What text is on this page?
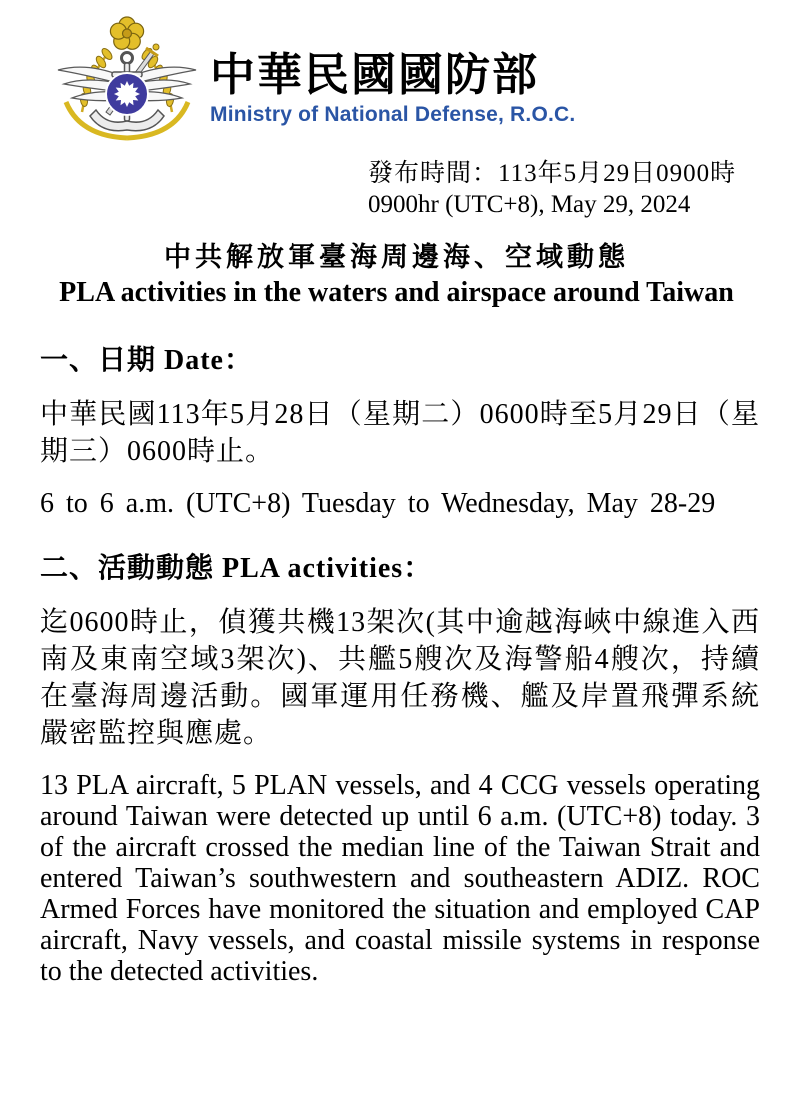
中華民國國防部
Ministry of National Defense, R.O.C.
發布時間：113年5月29日0900時
0900hr (UTC+8), May 29, 2024
中共解放軍臺海周邊海、空域動態
PLA activities in the waters and airspace around Taiwan
一、日期 Date：
中華民國113年5月28日（星期二）0600時至5月29日（星期三）0600時止。
6 to 6 a.m. (UTC+8) Tuesday to Wednesday, May 28-29
二、活動動態 PLA activities：
迄0600時止，偵獲共機13架次(其中逾越海峽中線進入西南及東南空域3架次)、共艦5艘次及海警船4艘次，持續在臺海周邊活動。國軍運用任務機、艦及岸置飛彈系統嚴密監控與應處。
13 PLA aircraft, 5 PLAN vessels, and 4 CCG vessels operating around Taiwan were detected up until 6 a.m. (UTC+8) today. 3 of the aircraft crossed the median line of the Taiwan Strait and entered Taiwan’s southwestern and southeastern ADIZ. ROC Armed Forces have monitored the situation and employed CAP aircraft, Navy vessels, and coastal missile systems in response to the detected activities.
